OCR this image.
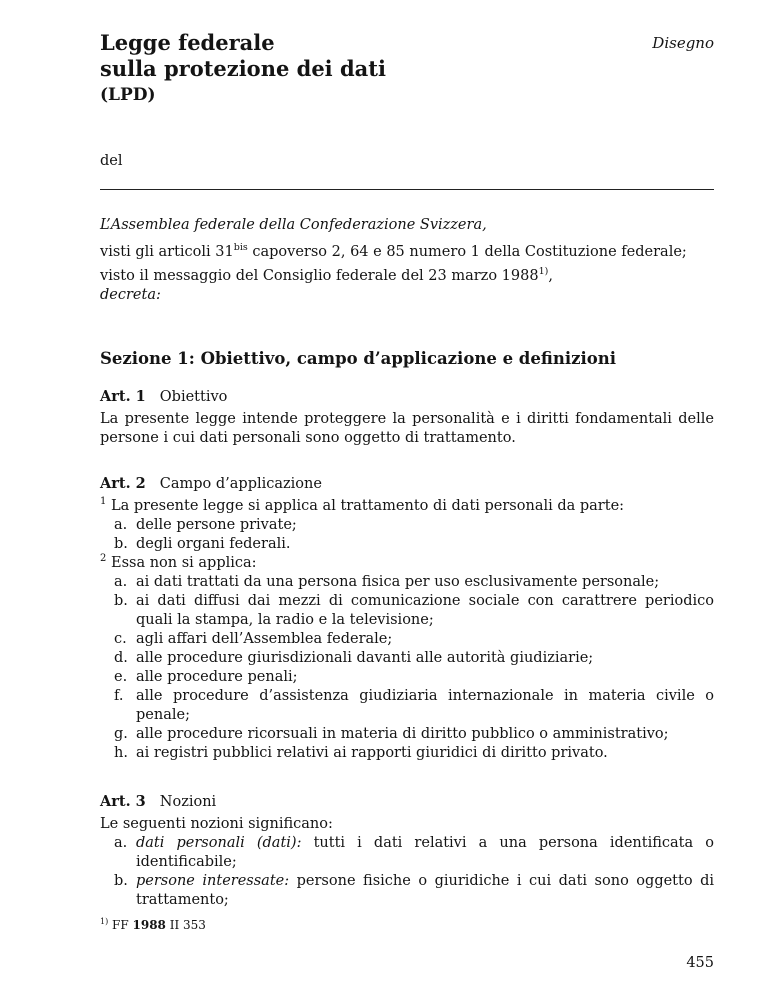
Legge federale
sulla protezione dei dati
(LPD)
Disegno
del
L’Assemblea federale della Confederazione Svizzera,
visti gli articoli $31^{bis}$ capoverso 2, 64 e 85 numero 1 della Costituzione federale;
visto il messaggio del Consiglio federale del 23 marzo 1988$^{1)}$,
decreta:
Sezione 1: Obiettivo, campo d’applicazione e definizioni
Art. 1 Obiettivo
La presente legge intende proteggere la personalità e i diritti fondamentali delle persone i cui dati personali sono oggetto di trattamento.
Art. 2 Campo d’applicazione
$^1$ La presente legge si applica al trattamento di dati personali da parte:
a. delle persone private;
b. degli organi federali.
$^2$ Essa non si applica:
a. ai dati trattati da una persona fisica per uso esclusivamente personale;
b. ai dati diffusi dai mezzi di comunicazione sociale con carattrere periodico quali la stampa, la radio e la televisione;
c. agli affari dell’Assemblea federale;
d. alle procedure giurisdizionali davanti alle autorità giudiziarie;
e. alle procedure penali;
f. alle procedure d’assistenza giudiziaria internazionale in materia civile o penale;
g. alle procedure ricorsuali in materia di diritto pubblico o amministrativo;
h. ai registri pubblici relativi ai rapporti giuridici di diritto privato.
Art. 3 Nozioni
Le seguenti nozioni significano:
a. dati personali (dati): tutti i dati relativi a una persona identificata o identificabile;
b. persone interessate: persone fisiche o giuridiche i cui dati sono oggetto di trattamento;
$^{1)}$ FF 1988 II 353
455
